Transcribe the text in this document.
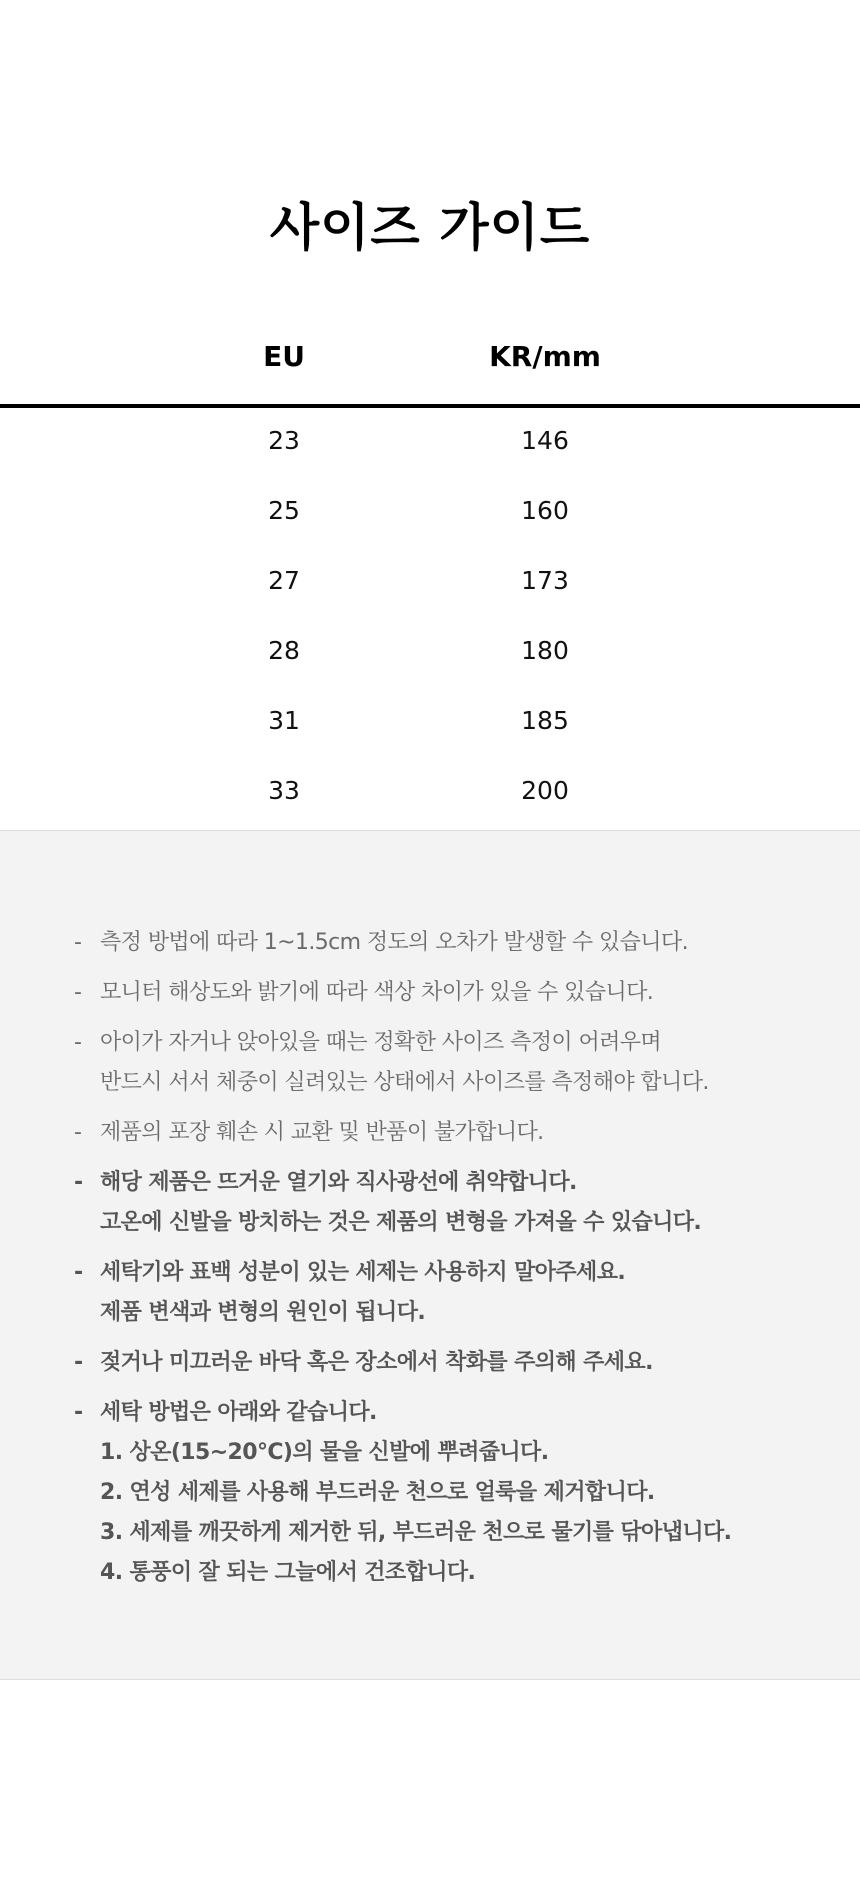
사이즈 가이드
EU	KR/mm
23	146
25	160
27	173
28	180
31	185
33	200
- 측정 방법에 따라 1~1.5cm 정도의 오차가 발생할 수 있습니다.
- 모니터 해상도와 밝기에 따라 색상 차이가 있을 수 있습니다.
- 아이가 자거나 앉아있을 때는 정확한 사이즈 측정이 어려우며
반드시 서서 체중이 실려있는 상태에서 사이즈를 측정해야 합니다.
- 제품의 포장 훼손 시 교환 및 반품이 불가합니다.
- 해당 제품은 뜨거운 열기와 직사광선에 취약합니다.
고온에 신발을 방치하는 것은 제품의 변형을 가져올 수 있습니다.
- 세탁기와 표백 성분이 있는 세제는 사용하지 말아주세요.
제품 변색과 변형의 원인이 됩니다.
- 젖거나 미끄러운 바닥 혹은 장소에서 착화를 주의해 주세요.
- 세탁 방법은 아래와 같습니다.
1. 상온(15~20°C)의 물을 신발에 뿌려줍니다.
2. 연성 세제를 사용해 부드러운 천으로 얼룩을 제거합니다.
3. 세제를 깨끗하게 제거한 뒤, 부드러운 천으로 물기를 닦아냅니다.
4. 통풍이 잘 되는 그늘에서 건조합니다.
